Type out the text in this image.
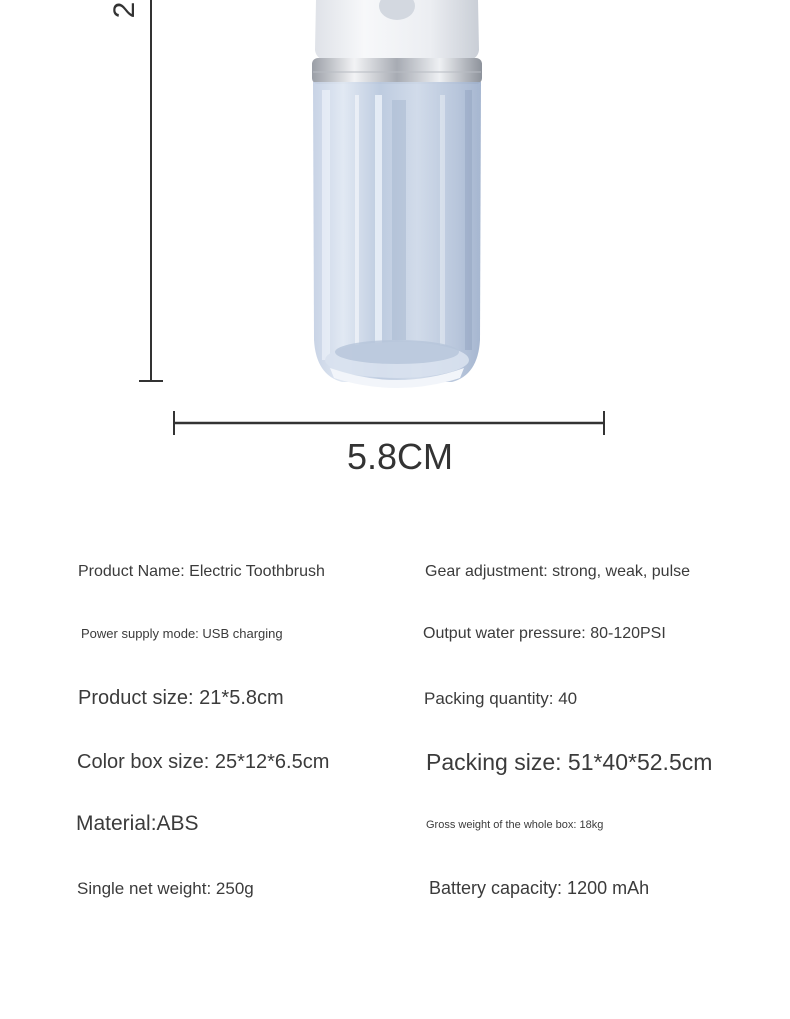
2
5.8CM
Product Name: Electric Toothbrush	Gear adjustment: strong, weak, pulse
Power supply mode: USB charging	Output water pressure: 80-120PSI
Product size: 21*5.8cm	Packing quantity: 40
Color box size: 25*12*6.5cm	Packing size: 51*40*52.5cm
Material:ABS	Gross weight of the whole box: 18kg
Single net weight: 250g	Battery capacity: 1200 mAh
